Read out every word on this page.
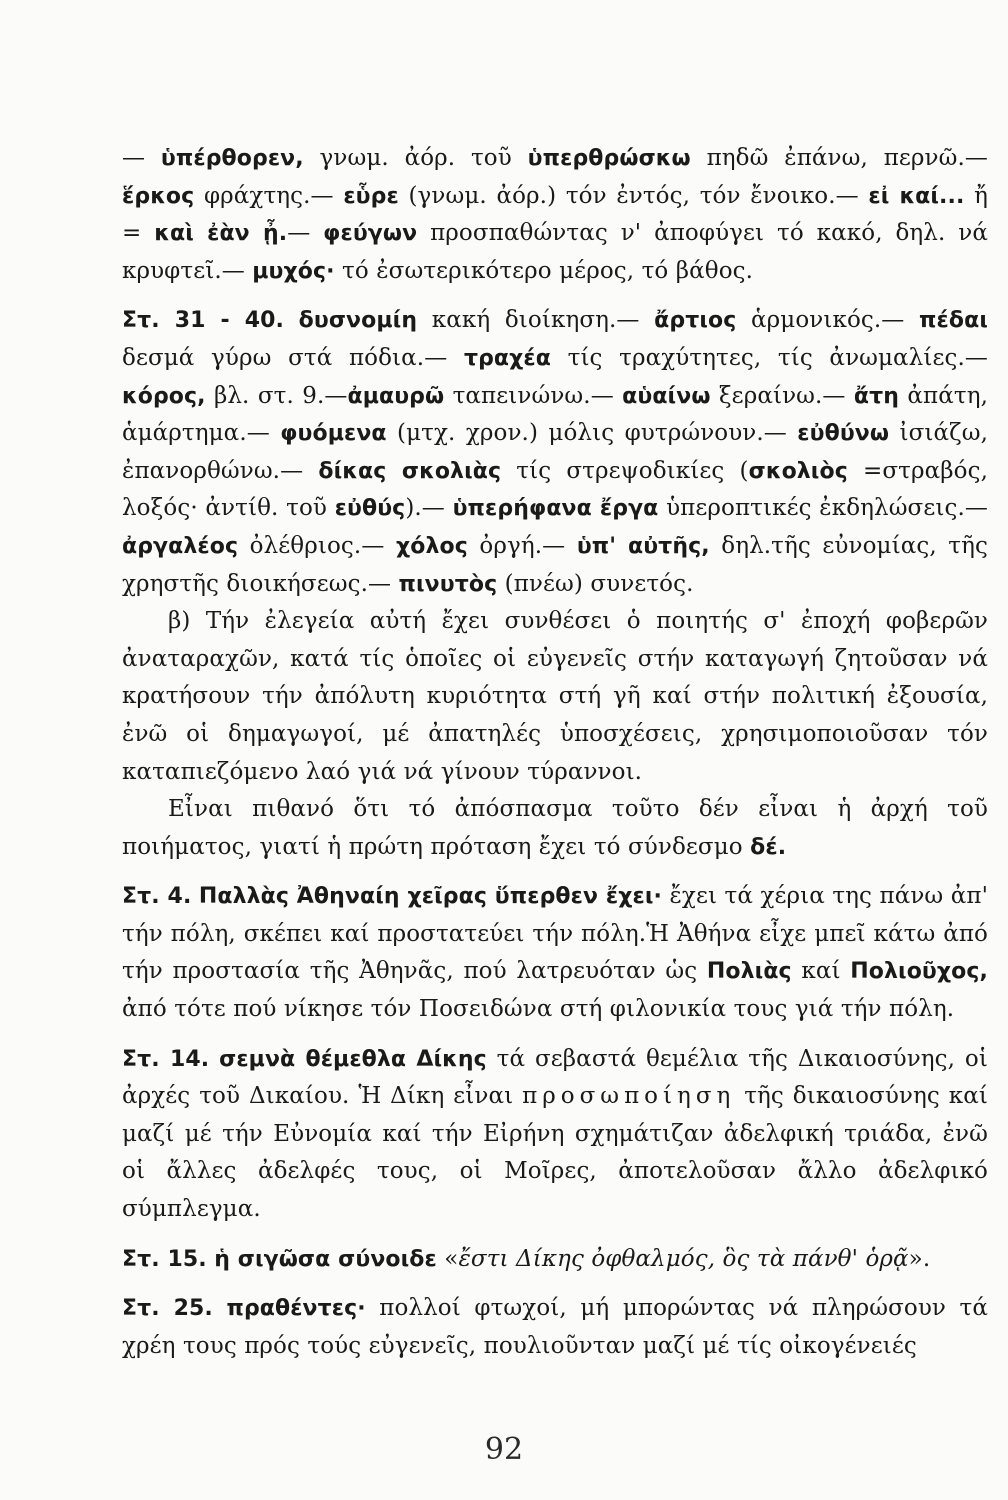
— ὑπέρθορεν, γνωμ. ἀόρ. τοῦ ὑπερθρώσκω πηδῶ ἐπάνω, περνῶ.— ἕρκος φράχτης.— εὗρε (γνωμ. ἀόρ.) τόν ἐντός, τόν ἔνοικο.— εἰ καί... ἤ = καὶ ἐὰν ᾖ.— φεύγων προσπαθώντας ν' ἀποφύγει τό κακό, δηλ. νά κρυφτεῖ.— μυχός· τό ἐσωτερικότερο μέρος, τό βάθος.

Στ. 31 - 40. δυσνομίη κακή διοίκηση.— ἄρτιος ἁρμονικός.— πέδαι δεσμά γύρω στά πόδια.— τραχέα τίς τραχύτητες, τίς ἀνωμαλίες.— κόρος, βλ. στ. 9.—ἀμαυρῶ ταπεινώνω.— αὑαίνω ξεραίνω.— ἄτη ἀπάτη, ἁμάρτημα.— φυόμενα (μτχ. χρον.) μόλις φυτρώνουν.— εὐθύνω ἰσιάζω, ἐπανορθώνω.— δίκας σκολιὰς τίς στρεψοδικίες (σκολιὸς =στραβός, λοξός· ἀντίθ. τοῦ εὐθύς).— ὑπερήφανα ἔργα ὑπεροπτικές ἐκδηλώσεις.—ἀργαλέος ὀλέθριος.— χόλος ὀργή.— ὑπ' αὐτῆς, δηλ.τῆς εὐνομίας, τῆς χρηστῆς διοικήσεως.— πινυτὸς (πνέω) συνετός.

β) Τήν ἐλεγεία αὐτή ἔχει συνθέσει ὁ ποιητής σ' ἐποχή φοβερῶν ἀναταραχῶν, κατά τίς ὁποῖες οἱ εὐγενεῖς στήν καταγωγή ζητοῦσαν νά κρατήσουν τήν ἀπόλυτη κυριότητα στή γῆ καί στήν πολιτική ἐξουσία, ἐνῶ οἱ δημαγωγοί, μέ ἀπατηλές ὑποσχέσεις, χρησιμοποιοῦσαν τόν καταπιεζόμενο λαό γιά νά γίνουν τύραννοι.

Εἶναι πιθανό ὅτι τό ἀπόσπασμα τοῦτο δέν εἶναι ἡ ἀρχή τοῦ ποιήματος, γιατί ἡ πρώτη πρόταση ἔχει τό σύνδεσμο δέ.

Στ. 4. Παλλὰς Ἀθηναίη χεῖρας ὕπερθεν ἔχει· ἔχει τά χέρια της πάνω ἀπ' τήν πόλη, σκέπει καί προστατεύει τήν πόλη.Ἡ Ἀθήνα εἶχε μπεῖ κάτω ἀπό τήν προστασία τῆς Ἀθηνᾶς, πού λατρευόταν ὡς Πολιὰς καί Πολιοῦχος, ἀπό τότε πού νίκησε τόν Ποσειδώνα στή φιλονικία τους γιά τήν πόλη.

Στ. 14. σεμνὰ θέμεθλα Δίκης τά σεβαστά θεμέλια τῆς Δικαιοσύνης, οἱ ἀρχές τοῦ Δικαίου. Ἡ Δίκη εἶναι προσωποίηση τῆς δικαιοσύνης καί μαζί μέ τήν Εὐνομία καί τήν Εἰρήνη σχημάτιζαν ἀδελφική τριάδα, ἐνῶ οἱ ἄλλες ἀδελφές τους, οἱ Μοῖρες, ἀποτελοῦσαν ἄλλο ἀδελφικό σύμπλεγμα.

Στ. 15. ἡ σιγῶσα σύνοιδε «ἔστι Δίκης ὀφθαλμός, ὃς τὰ πάνθ' ὁρᾷ».

Στ. 25. πραθέντες· πολλοί φτωχοί, μή μπορώντας νά πληρώσουν τά χρέη τους πρός τούς εὐγενεῖς, πουλιοῦνταν μαζί μέ τίς οἰκογένειές

92
